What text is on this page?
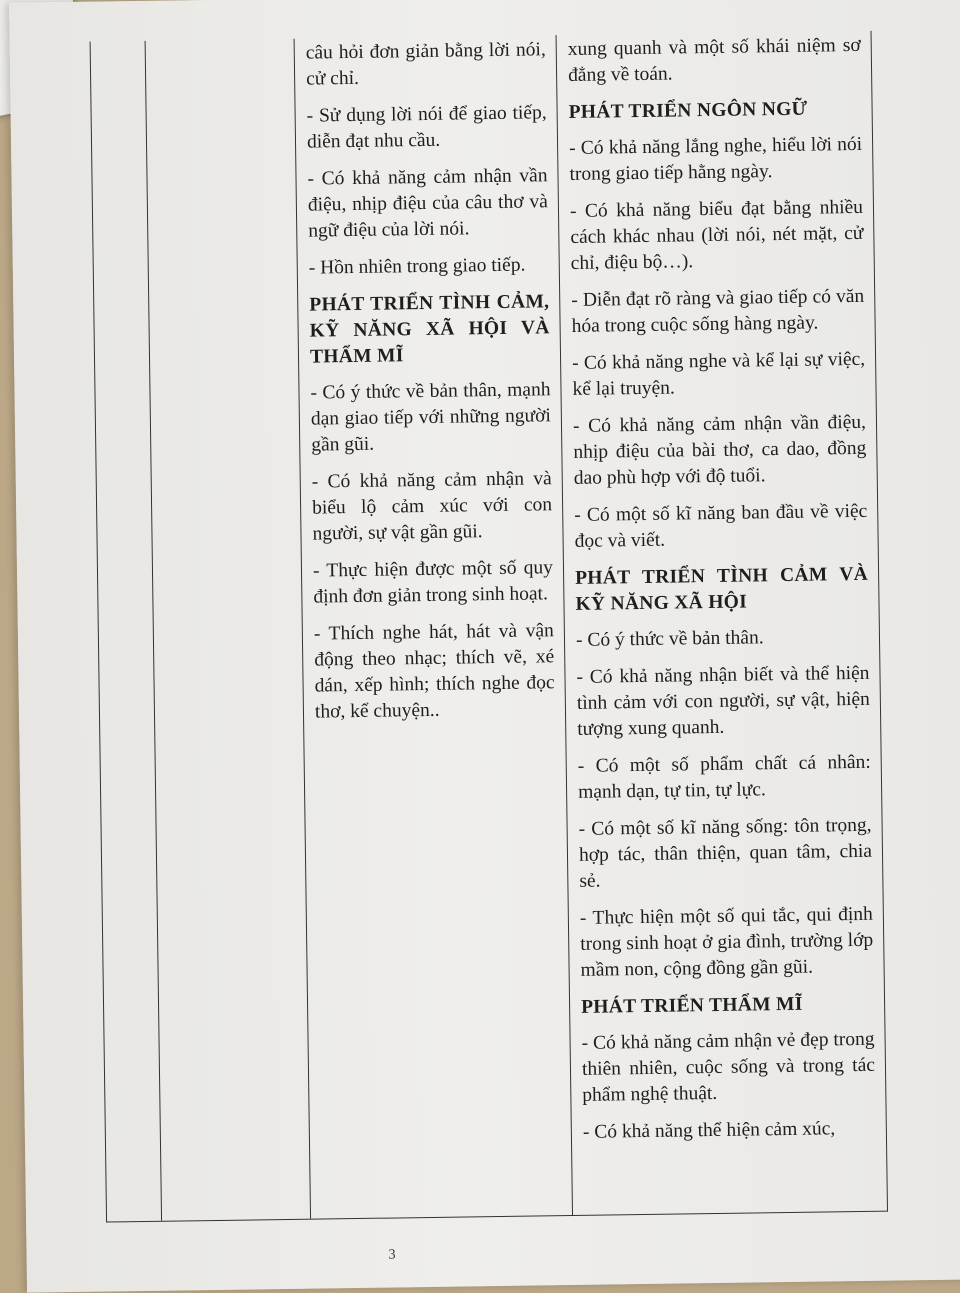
câu hỏi đơn giản bằng lời nói, cử chỉ.

- Sử dụng lời nói để giao tiếp, diễn đạt nhu cầu.

- Có khả năng cảm nhận vần điệu, nhịp điệu của câu thơ và ngữ điệu của lời nói.

- Hồn nhiên trong giao tiếp.

PHÁT TRIỂN TÌNH CẢM, KỸ NĂNG XÃ HỘI VÀ THẨM MĨ

- Có ý thức về bản thân, mạnh dạn giao tiếp với những người gần gũi.

- Có khả năng cảm nhận và biểu lộ cảm xúc với con người, sự vật gần gũi.

- Thực hiện được một số quy định đơn giản trong sinh hoạt.

- Thích nghe hát, hát và vận động theo nhạc; thích vẽ, xé dán, xếp hình; thích nghe đọc thơ, kể chuyện..

xung quanh và một số khái niệm sơ đẳng về toán.

PHÁT TRIỂN NGÔN NGỮ

- Có khả năng lắng nghe, hiểu lời nói trong giao tiếp hằng ngày.

- Có khả năng biểu đạt bằng nhiều cách khác nhau (lời nói, nét mặt, cử chỉ, điệu bộ…).

- Diễn đạt rõ ràng và giao tiếp có văn hóa trong cuộc sống hàng ngày.

- Có khả năng nghe và kể lại sự việc, kể lại truyện.

- Có khả năng cảm nhận vần điệu, nhịp điệu của bài thơ, ca dao, đồng dao phù hợp với độ tuổi.

- Có một số kĩ năng ban đầu về việc đọc và viết.

PHÁT TRIỂN TÌNH CẢM VÀ KỸ NĂNG XÃ HỘI

- Có ý thức về bản thân.

- Có khả năng nhận biết và thể hiện tình cảm với con người, sự vật, hiện tượng xung quanh.

- Có một số phẩm chất cá nhân: mạnh dạn, tự tin, tự lực.

- Có một số kĩ năng sống: tôn trọng, hợp tác, thân thiện, quan tâm, chia sẻ.

- Thực hiện một số qui tắc, qui định trong sinh hoạt ở gia đình, trường lớp mầm non, cộng đồng gần gũi.

PHÁT TRIỂN THẨM MĨ

- Có khả năng cảm nhận vẻ đẹp trong thiên nhiên, cuộc sống và trong tác phẩm nghệ thuật.

- Có khả năng thể hiện cảm xúc,

3
